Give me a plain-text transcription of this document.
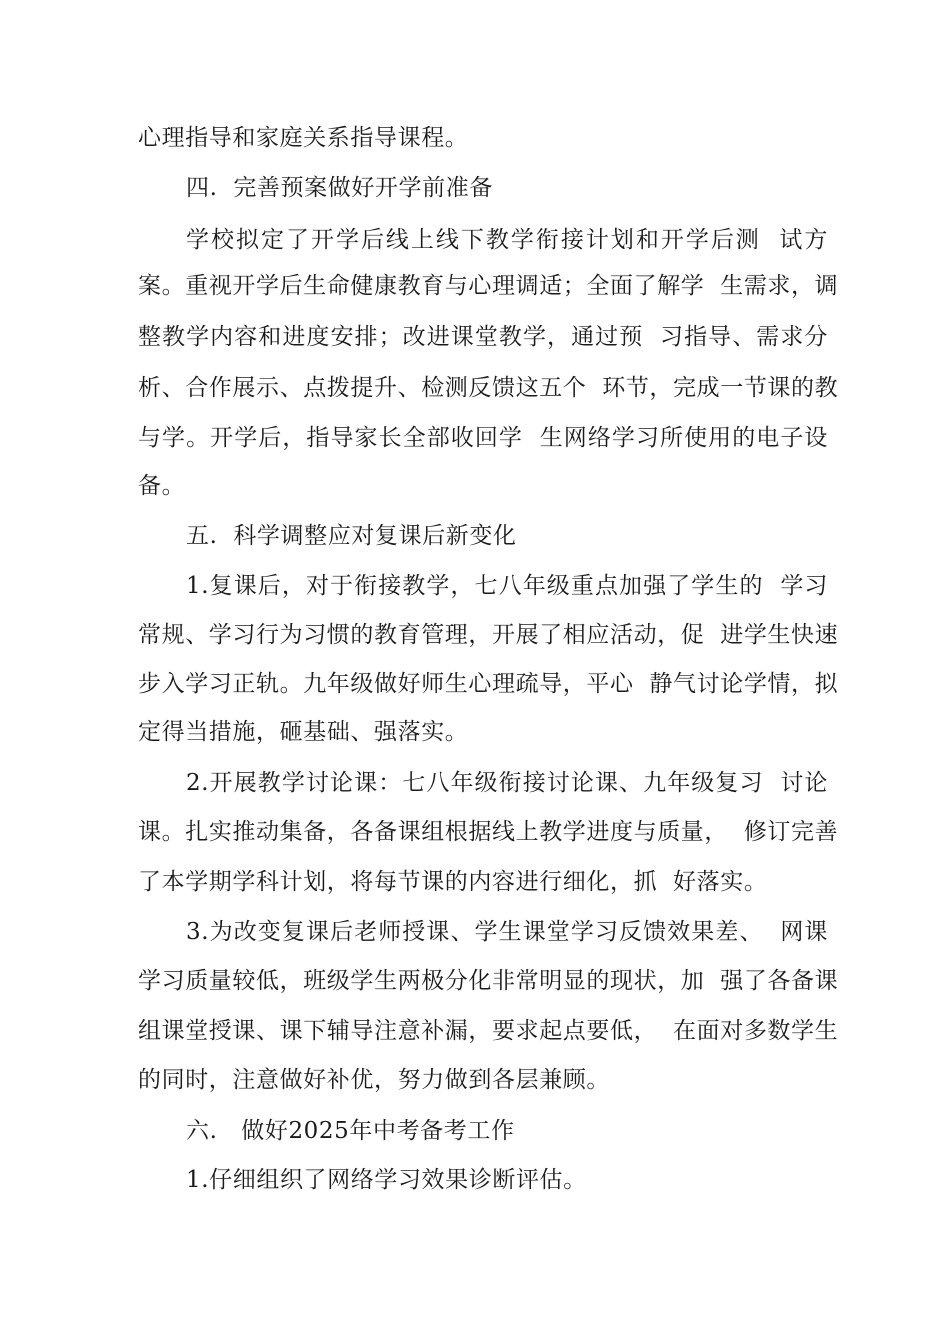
心理指导和家庭关系指导课程。
四.  完善预案做好开学前准备
学校拟定了开学后线上线下教学衔接计划和开学后测  试方
案。重视开学后生命健康教育与心理调适；全面了解学  生需求，调
整教学内容和进度安排；改进课堂教学，通过预  习指导、需求分
析、合作展示、点拨提升、检测反馈这五个  环节，完成一节课的教
与学。开学后，指导家长全部收回学  生网络学习所使用的电子设
备。
五.  科学调整应对复课后新变化
1.复课后，对于衔接教学，七八年级重点加强了学生的  学习
常规、学习行为习惯的教育管理，开展了相应活动，促  进学生快速
步入学习正轨。九年级做好师生心理疏导，平心  静气讨论学情，拟
定得当措施，砸基础、强落实。
2.开展教学讨论课：七八年级衔接讨论课、九年级复习  讨论
课。扎实推动集备，各备课组根据线上教学进度与质量，  修订完善
了本学期学科计划，将每节课的内容进行细化，抓  好落实。
3.为改变复课后老师授课、学生课堂学习反馈效果差、  网课
学习质量较低，班级学生两极分化非常明显的现状，加  强了各备课
组课堂授课、课下辅导注意补漏，要求起点要低，  在面对多数学生
的同时，注意做好补优，努力做到各层兼顾。
六.   做好2025年中考备考工作
1.仔细组织了网络学习效果诊断评估。
